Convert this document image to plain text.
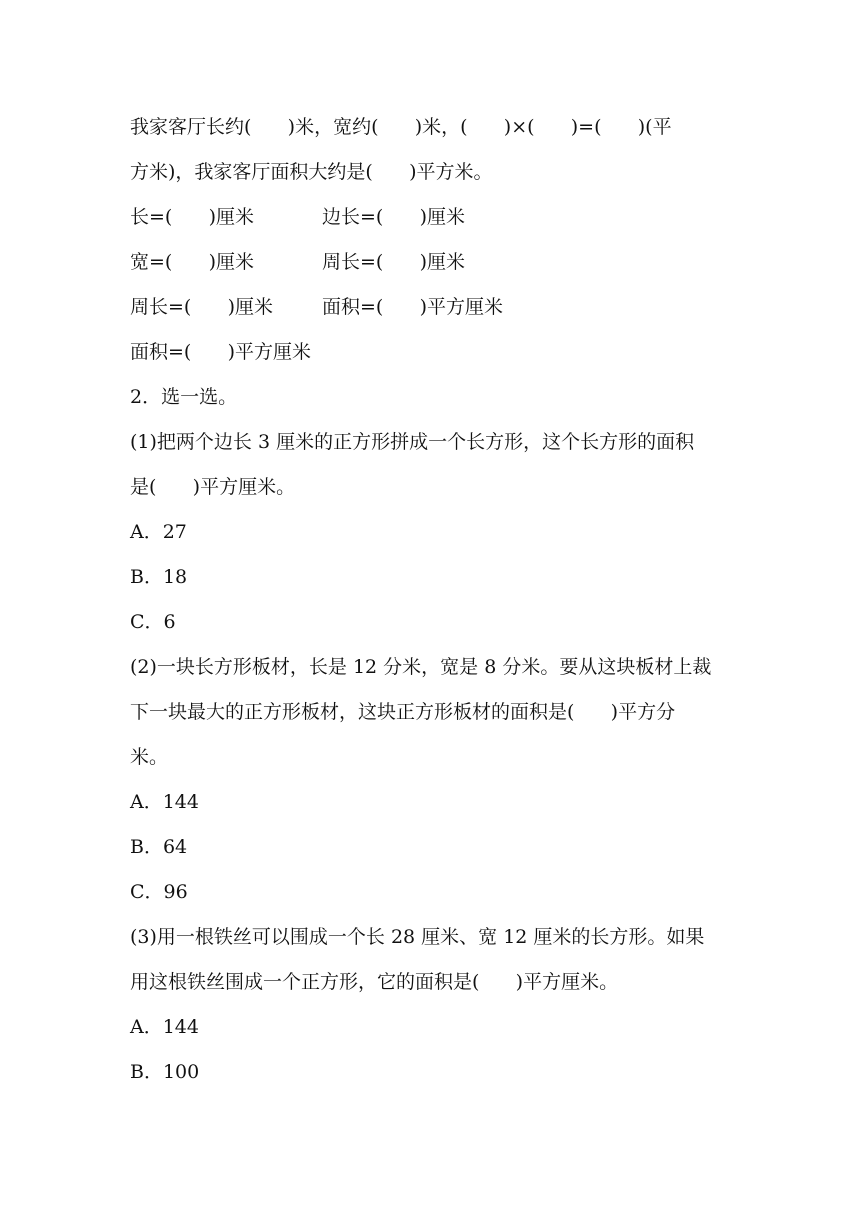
我家客厅长约(      )米，宽约(      )米，(      )×(      )=(      )(平
方米)，我家客厅面积大约是(      )平方米。
长=(      )厘米	边长=(      )厘米
宽=(      )厘米	周长=(      )厘米
周长=(      )厘米	面积=(      )平方厘米
面积=(      )平方厘米
2．选一选。
(1)把两个边长 3 厘米的正方形拼成一个长方形，这个长方形的面积
是(      )平方厘米。
A．27
B．18
C．6
(2)一块长方形板材，长是 12 分米，宽是 8 分米。要从这块板材上裁
下一块最大的正方形板材，这块正方形板材的面积是(      )平方分
米。
A．144
B．64
C．96
(3)用一根铁丝可以围成一个长 28 厘米、宽 12 厘米的长方形。如果
用这根铁丝围成一个正方形，它的面积是(      )平方厘米。
A．144
B．100
